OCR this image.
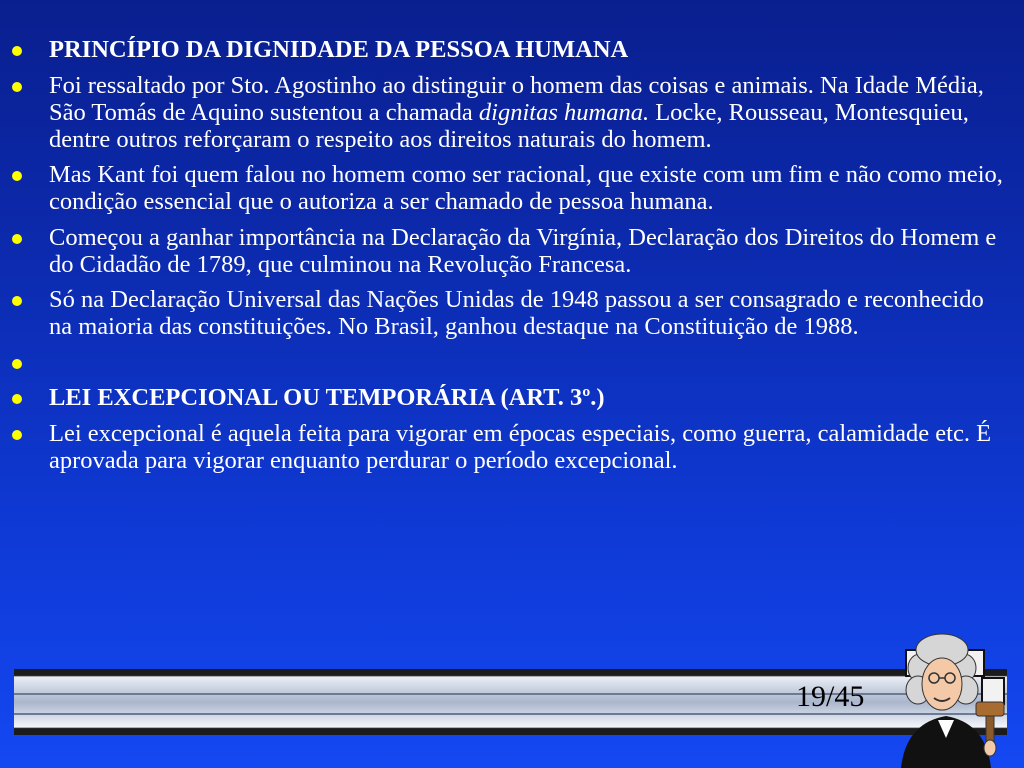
PRINCÍPIO DA DIGNIDADE DA PESSOA HUMANA
Foi ressaltado por Sto. Agostinho ao distinguir o homem das coisas e animais. Na Idade Média, São Tomás de Aquino sustentou a chamada dignitas humana. Locke, Rousseau, Montesquieu, dentre outros reforçaram o respeito aos direitos naturais do homem.
Mas Kant foi quem falou no homem como ser racional, que existe com um fim e não como meio, condição essencial que o autoriza a ser chamado de pessoa humana.
Começou a ganhar importância na Declaração da Virgínia, Declaração dos Direitos do Homem e do Cidadão de 1789, que culminou na Revolução Francesa.
Só na Declaração Universal das Nações Unidas de 1948 passou a ser consagrado e reconhecido na maioria das constituições. No Brasil, ganhou destaque na Constituição de 1988.
LEI EXCEPCIONAL OU TEMPORÁRIA (ART. 3º.)
Lei excepcional é aquela feita para vigorar em épocas especiais, como guerra, calamidade etc. É aprovada para vigorar enquanto perdurar o período excepcional.
19/45
